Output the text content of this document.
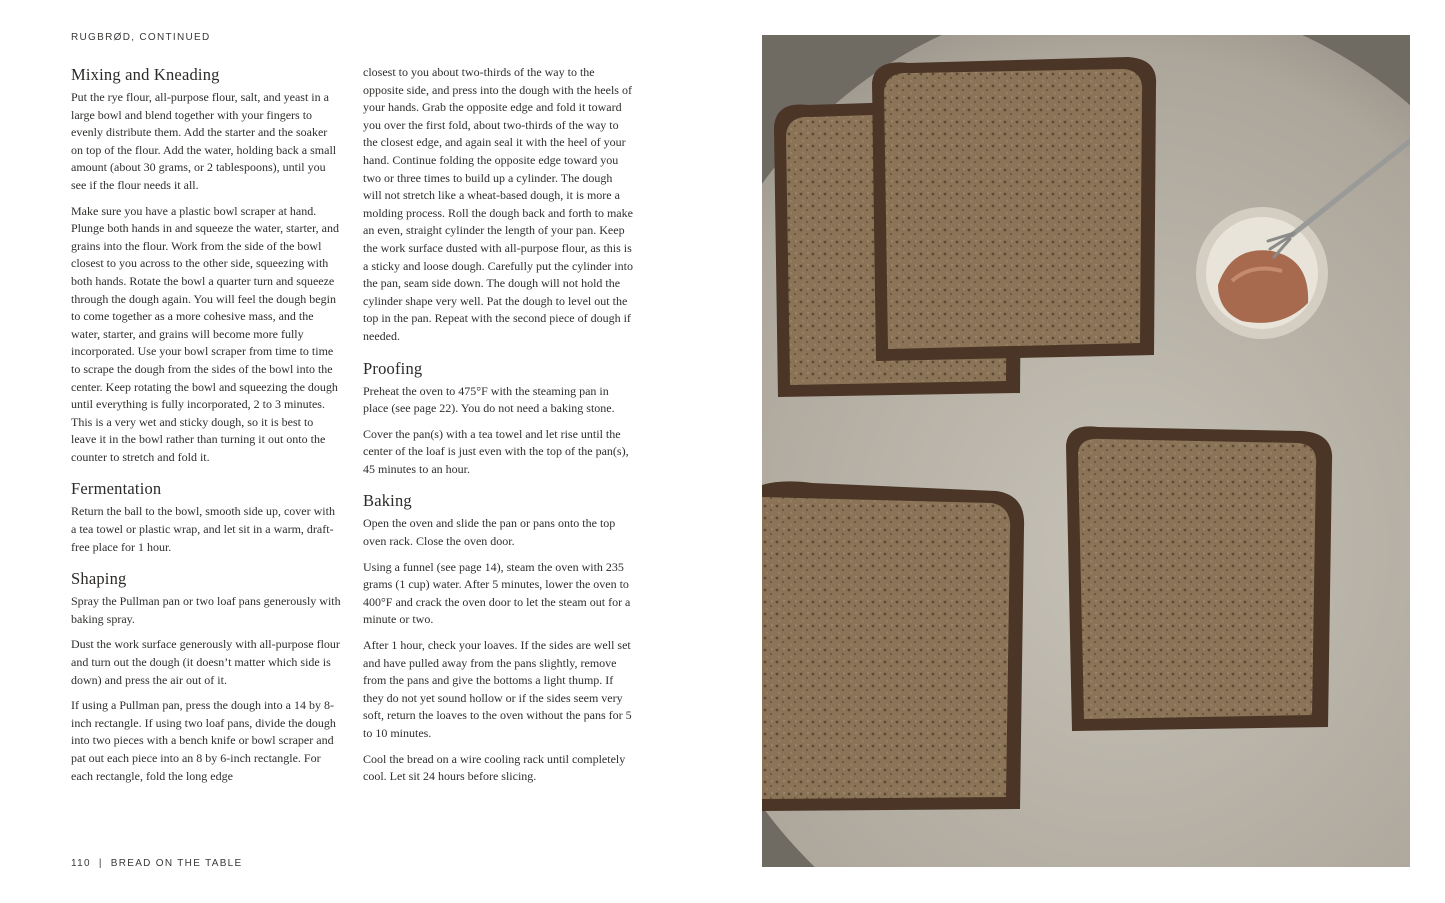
RUGBRØD, CONTINUED
Mixing and Kneading

Put the rye flour, all-purpose flour, salt, and yeast in a large bowl and blend together with your fingers to evenly distribute them. Add the starter and the soaker on top of the flour. Add the water, holding back a small amount (about 30 grams, or 2 tablespoons), until you see if the flour needs it all.

Make sure you have a plastic bowl scraper at hand. Plunge both hands in and squeeze the water, starter, and grains into the flour. Work from the side of the bowl closest to you across to the other side, squeezing with both hands. Rotate the bowl a quarter turn and squeeze through the dough again. You will feel the dough begin to come together as a more cohesive mass, and the water, starter, and grains will become more fully incorporated. Use your bowl scraper from time to time to scrape the dough from the sides of the bowl into the center. Keep rotating the bowl and squeezing the dough until everything is fully incorporated, 2 to 3 minutes. This is a very wet and sticky dough, so it is best to leave it in the bowl rather than turning it out onto the counter to stretch and fold it.

Fermentation

Return the ball to the bowl, smooth side up, cover with a tea towel or plastic wrap, and let sit in a warm, draft-free place for 1 hour.

Shaping

Spray the Pullman pan or two loaf pans generously with baking spray.

Dust the work surface generously with all-purpose flour and turn out the dough (it doesn’t matter which side is down) and press the air out of it.

If using a Pullman pan, press the dough into a 14 by 8-inch rectangle. If using two loaf pans, divide the dough into two pieces with a bench knife or bowl scraper and pat out each piece into an 8 by 6-inch rectangle. For each rectangle, fold the long edge

closest to you about two-thirds of the way to the opposite side, and press into the dough with the heels of your hands. Grab the opposite edge and fold it toward you over the first fold, about two-thirds of the way to the closest edge, and again seal it with the heel of your hand. Continue folding the opposite edge toward you two or three times to build up a cylinder. The dough will not stretch like a wheat-based dough, it is more a molding process. Roll the dough back and forth to make an even, straight cylinder the length of your pan. Keep the work surface dusted with all-purpose flour, as this is a sticky and loose dough. Carefully put the cylinder into the pan, seam side down. The dough will not hold the cylinder shape very well. Pat the dough to level out the top in the pan. Repeat with the second piece of dough if needed.

Proofing

Preheat the oven to 475°F with the steaming pan in place (see page 22). You do not need a baking stone.

Cover the pan(s) with a tea towel and let rise until the center of the loaf is just even with the top of the pan(s), 45 minutes to an hour.

Baking

Open the oven and slide the pan or pans onto the top oven rack. Close the oven door.

Using a funnel (see page 14), steam the oven with 235 grams (1 cup) water. After 5 minutes, lower the oven to 400°F and crack the oven door to let the steam out for a minute or two.

After 1 hour, check your loaves. If the sides are well set and have pulled away from the pans slightly, remove from the pans and give the bottoms a light thump. If they do not yet sound hollow or if the sides seem very soft, return the loaves to the oven without the pans for 5 to 10 minutes.

Cool the bread on a wire cooling rack until completely cool. Let sit 24 hours before slicing.

110 | BREAD ON THE TABLE
